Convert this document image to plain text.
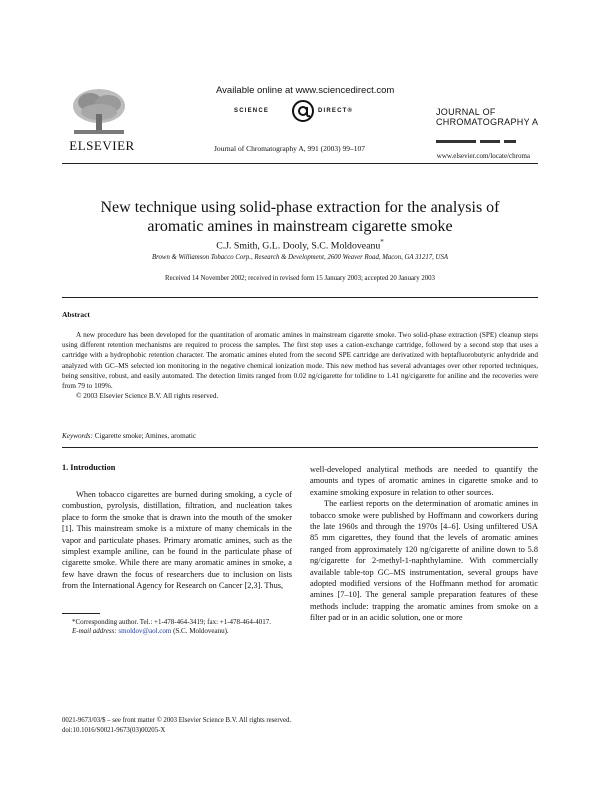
ELSEVIER
Available online at www.sciencedirect.com
SCIENCE	DIRECT®
Journal of Chromatography A, 991 (2003) 99–107
JOURNAL OF
CHROMATOGRAPHY A
www.elsevier.com/locate/chroma
New technique using solid-phase extraction for the analysis of
aromatic amines in mainstream cigarette smoke
C.J. Smith, G.L. Dooly, S.C. Moldoveanu*
Brown & Williamson Tobacco Corp., Research & Development, 2600 Weaver Road, Macon, GA 31217, USA
Received 14 November 2002; received in revised form 15 January 2003; accepted 20 January 2003
Abstract

A new procedure has been developed for the quantitation of aromatic amines in mainstream cigarette smoke. Two solid-phase extraction (SPE) cleanup steps using different retention mechanisms are required to process the samples. The first step uses a cation-exchange cartridge, followed by a second step that uses a cartridge with a hydrophobic retention character. The aromatic amines eluted from the second SPE cartridge are derivatized with heptafluorobutyric anhydride and analyzed with GC–MS selected ion monitoring in the negative chemical ionization mode. This new method has several advantages over other reported techniques, being sensitive, robust, and easily automated. The detection limits ranged from 0.02 ng/cigarette for tolidine to 1.41 ng/cigarette for aniline and the recoveries were from 79 to 109%.

© 2003 Elsevier Science B.V. All rights reserved.

Keywords: Cigarette smoke; Amines, aromatic
1. Introduction

When tobacco cigarettes are burned during smoking, a cycle of combustion, pyrolysis, distillation, filtration, and nucleation takes place to form the smoke that is drawn into the mouth of the smoker [1]. This mainstream smoke is a mixture of many chemicals in the vapor and particulate phases. Primary aromatic amines, such as the simplest example aniline, can be found in the particulate phase of cigarette smoke. While there are many aromatic amines in smoke, a few have drawn the focus of researchers due to inclusion on lists from the International Agency for Research on Cancer [2,3]. Thus,

well-developed analytical methods are needed to quantify the amounts and types of aromatic amines in cigarette smoke and to examine smoking exposure in relation to other sources.

The earliest reports on the determination of aromatic amines in tobacco smoke were published by Hoffmann and coworkers during the late 1960s and through the 1970s [4–6]. Using unfiltered USA 85 mm cigarettes, they found that the levels of aromatic amines ranged from approximately 120 ng/cigarette of aniline down to 5.8 ng/cigarette for 2-methyl-1-naphthylamine. With commercially available table-top GC–MS instrumentation, several groups have adopted modified versions of the Hoffmann method for aromatic amines [7–10]. The general sample preparation features of these methods include: trapping the aromatic amines from smoke on a filter pad or in an acidic solution, one or more

*Corresponding author. Tel.: +1-478-464-3419; fax: +1-478-464-4017.

E-mail address: smoldov@aol.com (S.C. Moldoveanu).

0021-9673/03/$ – see front matter © 2003 Elsevier Science B.V. All rights reserved.
doi:10.1016/S0021-9673(03)00205-X
